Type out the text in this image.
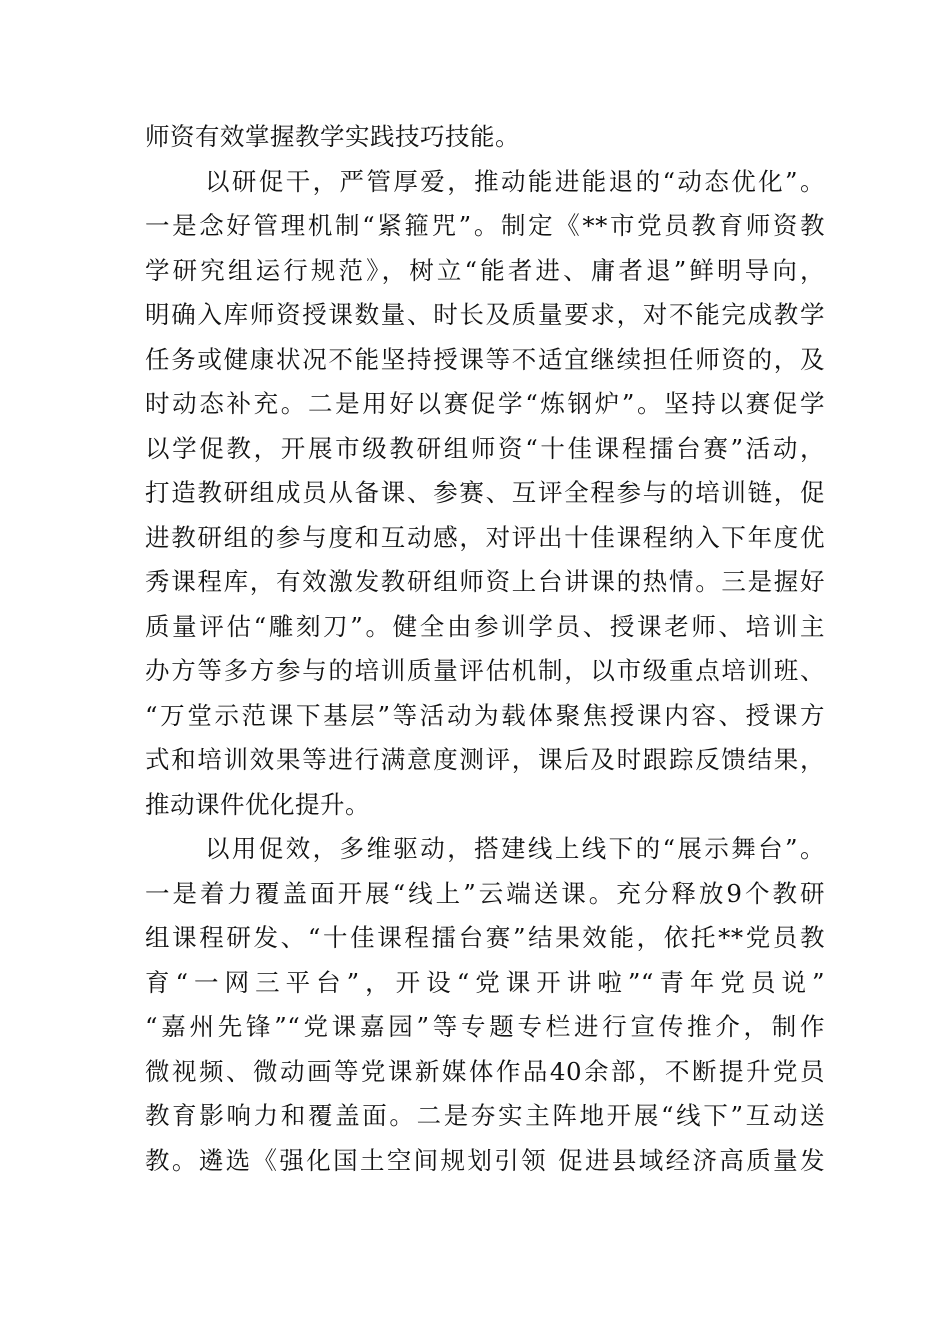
师资有效掌握教学实践技巧技能。
以研促干，严管厚爱，推动能进能退的“动态优化”。
一是念好管理机制“紧箍咒”。制定《**市党员教育师资教
学研究组运行规范》，树立“能者进、庸者退”鲜明导向，
明确入库师资授课数量、时长及质量要求，对不能完成教学
任务或健康状况不能坚持授课等不适宜继续担任师资的，及
时动态补充。二是用好以赛促学“炼钢炉”。坚持以赛促学
以学促教，开展市级教研组师资“十佳课程擂台赛”活动，
打造教研组成员从备课、参赛、互评全程参与的培训链，促
进教研组的参与度和互动感，对评出十佳课程纳入下年度优
秀课程库，有效激发教研组师资上台讲课的热情。三是握好
质量评估“雕刻刀”。健全由参训学员、授课老师、培训主
办方等多方参与的培训质量评估机制，以市级重点培训班、
“万堂示范课下基层”等活动为载体聚焦授课内容、授课方
式和培训效果等进行满意度测评，课后及时跟踪反馈结果，
推动课件优化提升。
以用促效，多维驱动，搭建线上线下的“展示舞台”。
一是着力覆盖面开展“线上”云端送课。充分释放9个教研
组课程研发、“十佳课程擂台赛”结果效能，依托**党员教
育“一网三平台”，开设“党课开讲啦”“青年党员说”
“嘉州先锋”“党课嘉园”等专题专栏进行宣传推介，制作
微视频、微动画等党课新媒体作品40余部，不断提升党员
教育影响力和覆盖面。二是夯实主阵地开展“线下”互动送
教。遴选《强化国土空间规划引领 促进县域经济高质量发
